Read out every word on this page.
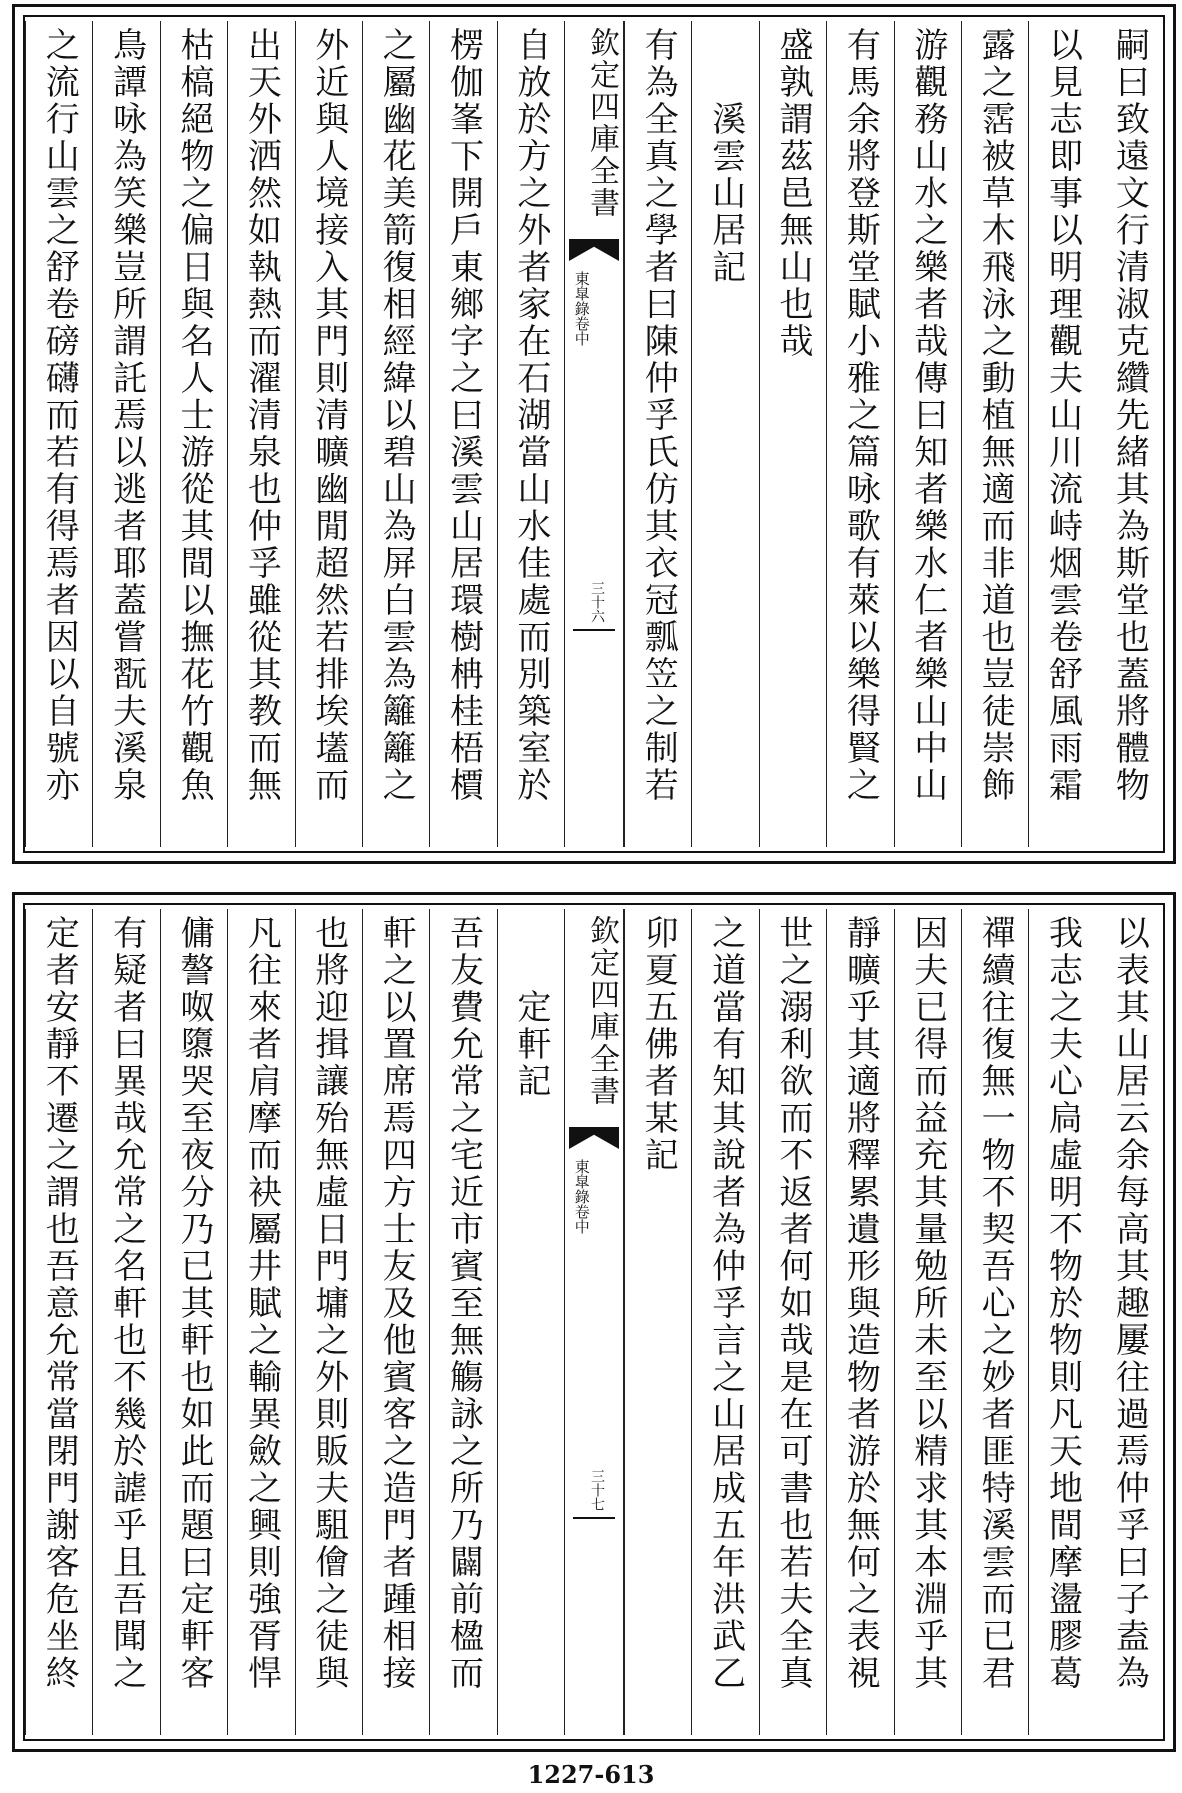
嗣曰致遠文行清淑克纘先緒其為斯堂也蓋將體物
以見志即事以明理觀夫山川流峙烟雲卷舒風雨霜
露之霑被草木飛泳之動植無適而非道也豈徒崇飾
游觀務山水之樂者哉傳曰知者樂水仁者樂山中山
有馬余將登斯堂賦小雅之篇咏歌有萊以樂得賢之
盛孰謂茲邑無山也哉
溪雲山居記
有為全真之學者曰陳仲孚氏仿其衣冠瓢笠之制若
欽定四庫全書
東皐錄卷中
三十六
自放於方之外者家在石湖當山水佳處而別築室於
楞伽峯下開戶東鄉字之曰溪雲山居環樹柟桂梧檟
之屬幽花美箭復相經緯以碧山為屏白雲為籬籬之
外近與人境接入其門則清曠幽閒超然若排埃壒而
出天外洒然如執熱而濯清泉也仲孚雖從其教而無
枯槁絕物之偏日與名人士游從其間以撫花竹觀魚
鳥譚咏為笑樂豈所謂託焉以逃者耶蓋嘗翫夫溪泉
之流行山雲之舒卷磅礴而若有得焉者因以自號亦
以表其山居云余每高其趣屢往過焉仲孚曰子盍為
我志之夫心扃虛明不物於物則凡天地間摩盪膠葛
禪續往復無一物不契吾心之妙者匪特溪雲而已君
因夫已得而益充其量勉所未至以精求其本淵乎其
靜曠乎其適將釋累遺形與造物者游於無何之表視
世之溺利欲而不返者何如哉是在可書也若夫全真
之道當有知其說者為仲孚言之山居成五年洪武乙
卯夏五佛者某記
欽定四庫全書
東皐錄卷中
三十七
定軒記
吾友費允常之宅近市賓至無觴詠之所乃闢前楹而
軒之以置席焉四方士友及他賓客之造門者踵相接
也將迎揖讓殆無虛日門墉之外則販夫駔儈之徒與
凡往來者肩摩而袂屬井賦之輸異斂之興則強胥悍
傭謷呶隳哭至夜分乃已其軒也如此而題曰定軒客
有疑者曰異哉允常之名軒也不幾於謔乎且吾聞之
定者安靜不遷之謂也吾意允常當閉門謝客危坐終
1227-613
